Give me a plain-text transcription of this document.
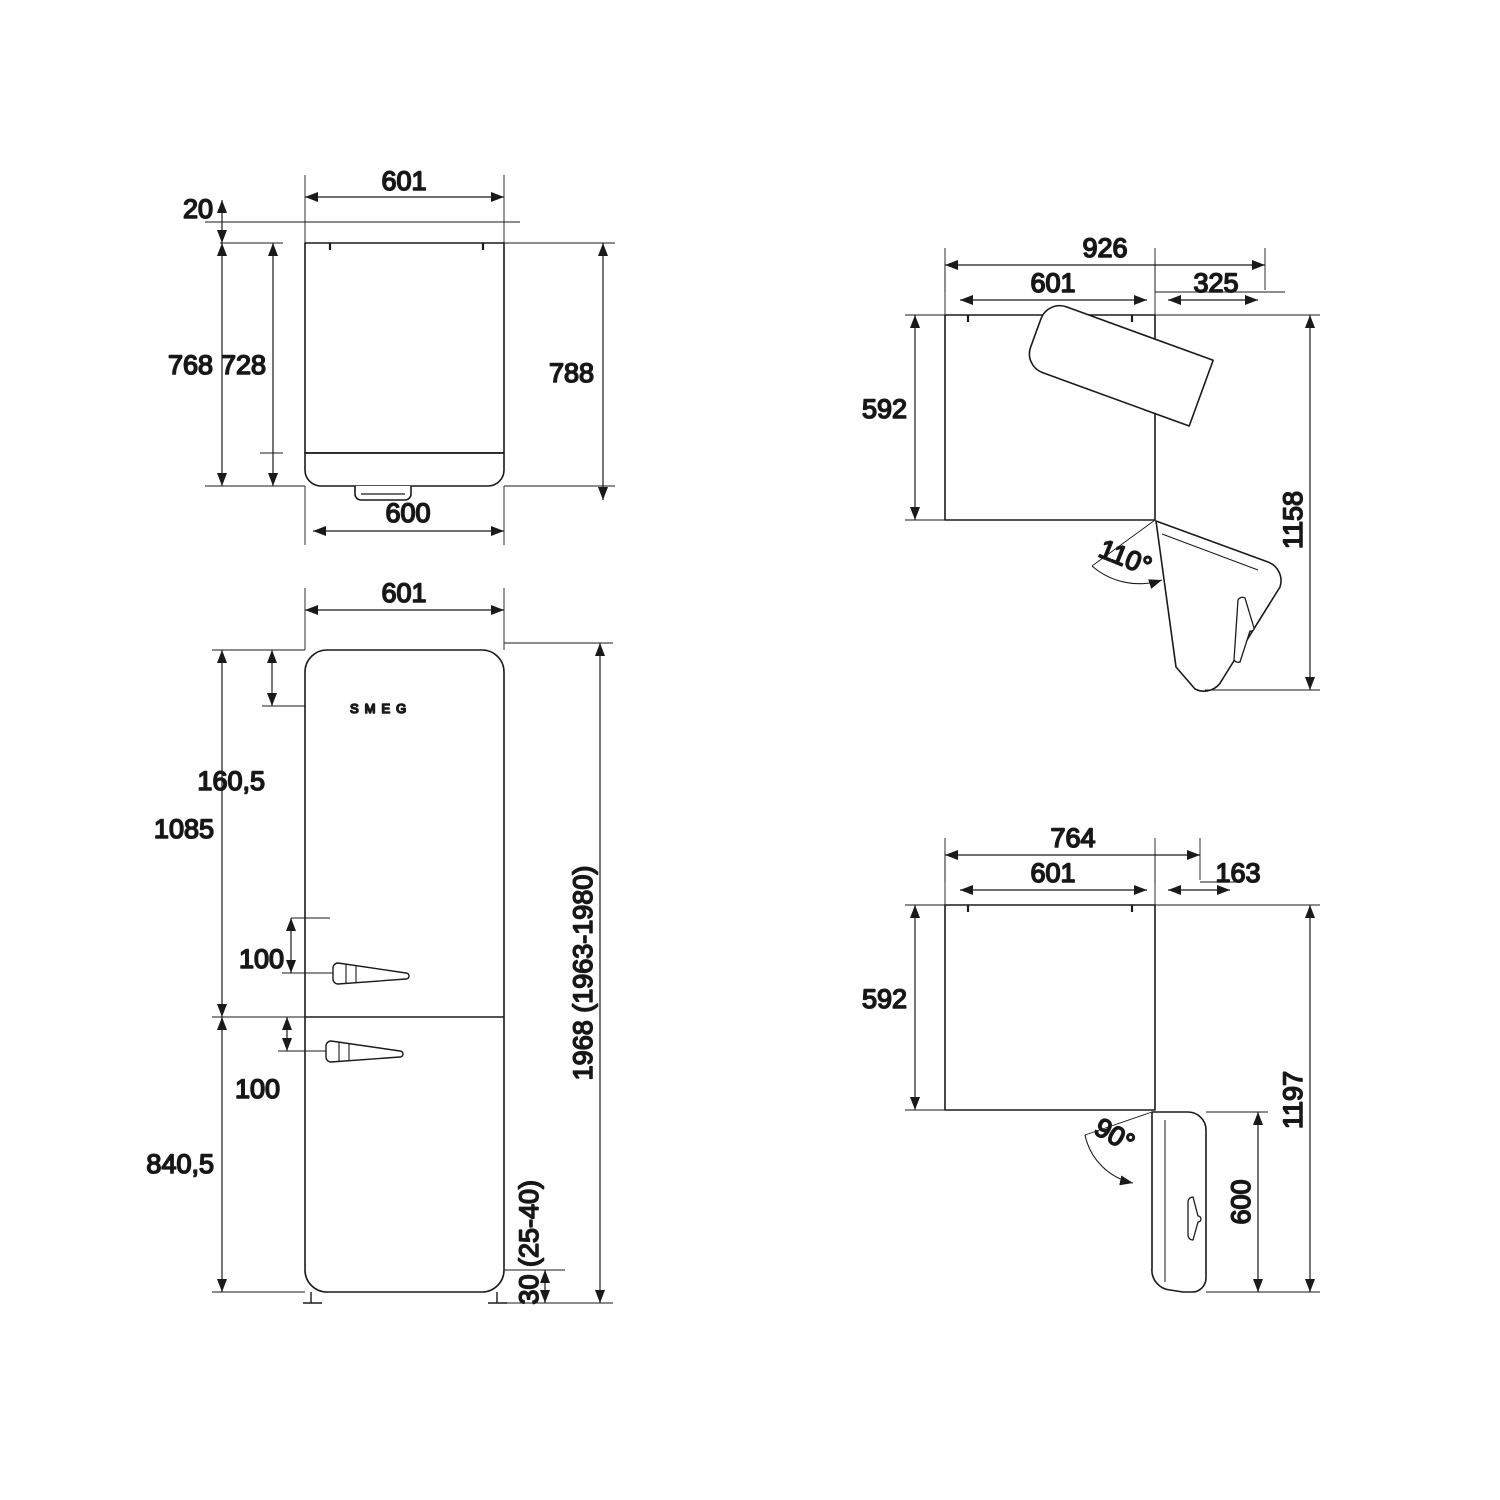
601
20
768 728	788
600
SMEG
601
1085
840,5
160,5
100
100
30 (25-40)
1968 (1963-1980)
110°
926
601	325
592
1158
90°
764
601	163
592
600
1197
